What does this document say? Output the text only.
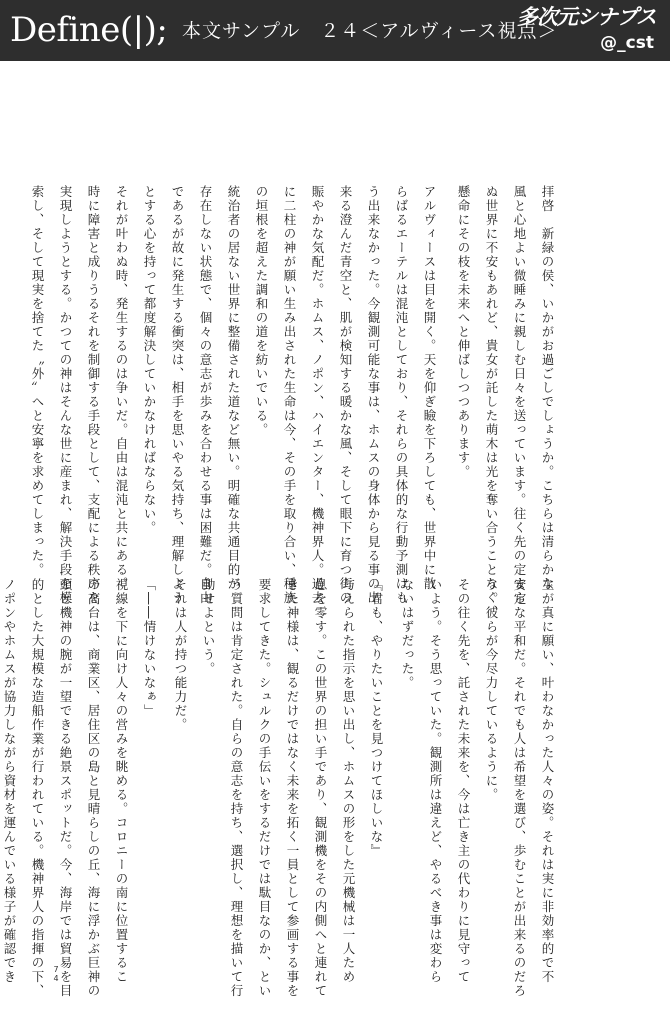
Define(|); 本文サンプル　２４＜アルヴィース視点＞
多次元シナプス
@_cst
拝啓　新緑の侯、いかがお過ごしでしょうか。こちらは清らかな
風と心地よい微睡みに親しむ日々を送っています。往く先の定まら
ぬ世界に不安もあれど、貴女が託した萌木は光を奪い合うことなく、
懸命にその枝を未来へと伸ばしつつあります。
アルヴィースは目を開く。天を仰ぎ瞼を下ろしても、世界中に散
らばるエーテルは混沌としており、それらの具体的な行動予測はも
う出来なかった。今観測可能な事は、ホムスの身体から見る事の出
来る澄んだ青空と、肌が検知する暖かな風、そして眼下に育つ街の
賑やかな気配だ。ホムス、ノポン、ハイエンター、機神界人。過去
に二柱の神が願い生み出された生命は今、その手を取り合い、種族
の垣根を超えた調和の道を紡いでいる。
統治者の居ない世界に整備された道など無い。明確な共通目的が
存在しない状態で、個々の意志が歩みを合わせる事は困難だ。自由
であるが故に発生する衝突は、相手を思いやる気持ち、理解しよう
とする心を持って都度解決していかなければならない。
それが叶わぬ時、発生するのは争いだ。自由は混沌と共にある。
時に障害と成りうるそれを制御する手段として、支配による秩序を
実現しようとする。かつての神はそんな世に産まれ、解決手段を模
索し、そして現実を捨てた〝外〟へと安寧を求めてしまった。
主が真に願い、叶わなかった人々の姿。それは実に非効率的で不
安定な平和だ。それでも人は希望を選び、歩むことが出来るのだろ
う。彼らが今尽力しているように。
その往く先を、託された未来を、今は亡き主の代わりに見守って
いよう。そう思っていた。観測所は違えど、やるべき事は変わら
ないはずだった。
『君も、やりたいことを見つけてほしいな』
与えられた指示を思い出し、ホムスの形をした元機械は一人ため
息を零す。この世界の担い手であり、観測機をその内側へと連れて
きた神様は、観るだけではなく未来を拓く一員として参画する事を
要求してきた。シュルクの手伝いをするだけでは駄目なのか、とい
う質問は肯定された。自らの意志を持ち、選択し、理想を描いて行
動せよという。
それは人が持つ能力だ。
「――情けないなぁ」
視線を下に向け人々の営みを眺める。コロニーの南に位置するこ
の高台は、商業区、居住区の島と見晴らしの丘、海に浮かぶ巨神の
頭と機神の腕が一望できる絶景スポットだ。今、海岸では貿易を目
的とした大規模な造船作業が行われている。機神界人の指揮の下、
ノポンやホムスが協力しながら資材を運んでいる様子が確認でき	74
